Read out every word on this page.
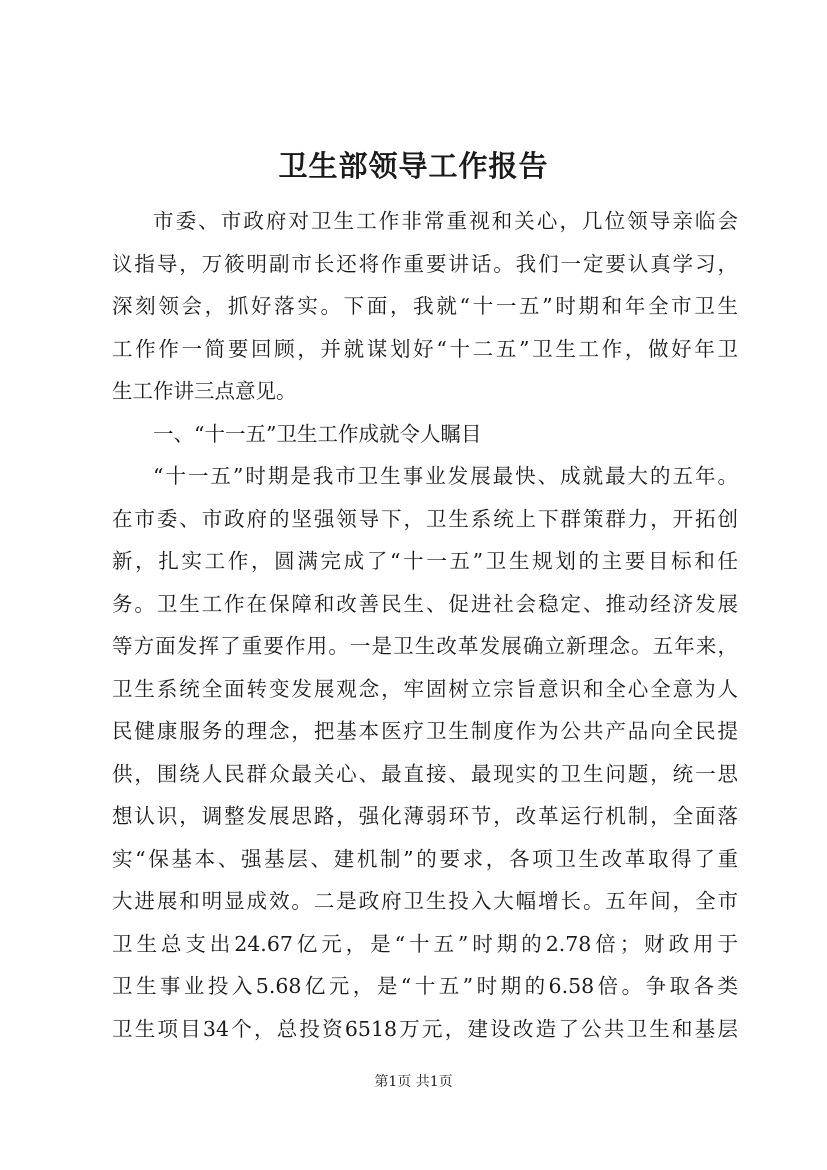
卫生部领导工作报告
市委、市政府对卫生工作非常重视和关心，几位领导亲临会
议指导，万筱明副市长还将作重要讲话。我们一定要认真学习，
深刻领会，抓好落实。下面，我就“十一五”时期和年全市卫生
工作作一简要回顾，并就谋划好“十二五”卫生工作，做好年卫
生工作讲三点意见。
一、“十一五”卫生工作成就令人瞩目
“十一五”时期是我市卫生事业发展最快、成就最大的五年。
在市委、市政府的坚强领导下，卫生系统上下群策群力，开拓创
新，扎实工作，圆满完成了“十一五”卫生规划的主要目标和任
务。卫生工作在保障和改善民生、促进社会稳定、推动经济发展
等方面发挥了重要作用。一是卫生改革发展确立新理念。五年来，
卫生系统全面转变发展观念，牢固树立宗旨意识和全心全意为人
民健康服务的理念，把基本医疗卫生制度作为公共产品向全民提
供，围绕人民群众最关心、最直接、最现实的卫生问题，统一思
想认识，调整发展思路，强化薄弱环节，改革运行机制，全面落
实“保基本、强基层、建机制”的要求，各项卫生改革取得了重
大进展和明显成效。二是政府卫生投入大幅增长。五年间，全市
卫生总支出24.67亿元，是“十五”时期的2.78倍；财政用于
卫生事业投入5.68亿元，是“十五”时期的6.58倍。争取各类
卫生项目34个，总投资6518万元，建设改造了公共卫生和基层
第1页 共1页
